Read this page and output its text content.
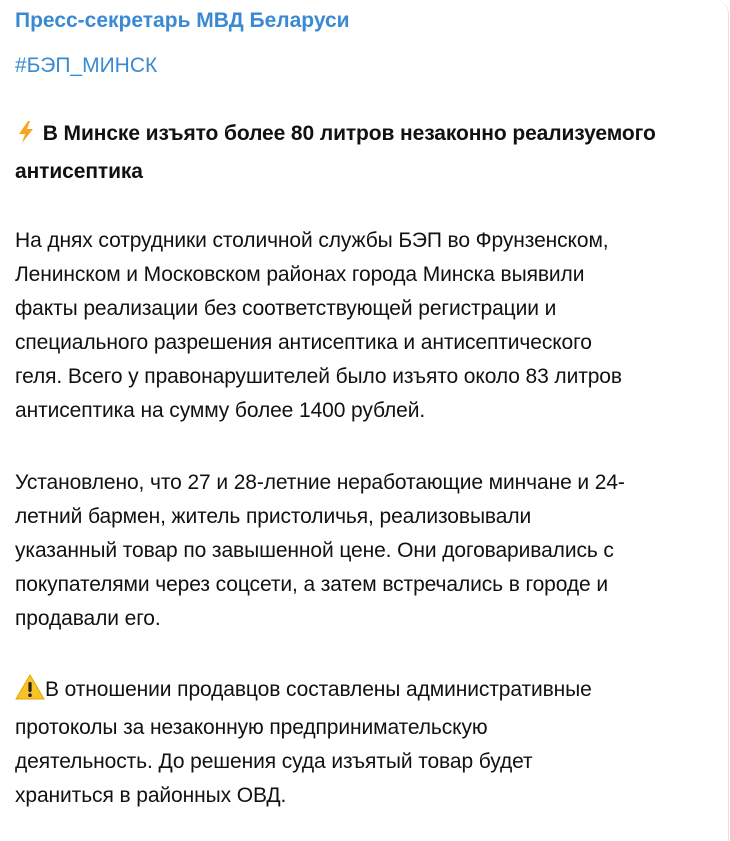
Пресс-секретарь МВД Беларуси
#БЭП_МИНСК
В Минске изъято более 80 литров незаконно реализуемого
антисептика
На днях сотрудники столичной службы БЭП во Фрунзенском,
Ленинском и Московском районах города Минска выявили
факты реализации без соответствующей регистрации и
специального разрешения антисептика и антисептического
геля. Всего у правонарушителей было изъято около 83 литров
антисептика на сумму более 1400 рублей.
Установлено, что 27 и 28-летние неработающие минчане и 24-
летний бармен, житель пристоличья, реализовывали
указанный товар по завышенной цене. Они договаривались с
покупателями через соцсети, а затем встречались в городе и
продавали его.
В отношении продавцов составлены административные
протоколы за незаконную предпринимательскую
деятельность. До решения суда изъятый товар будет
храниться в районных ОВД.
